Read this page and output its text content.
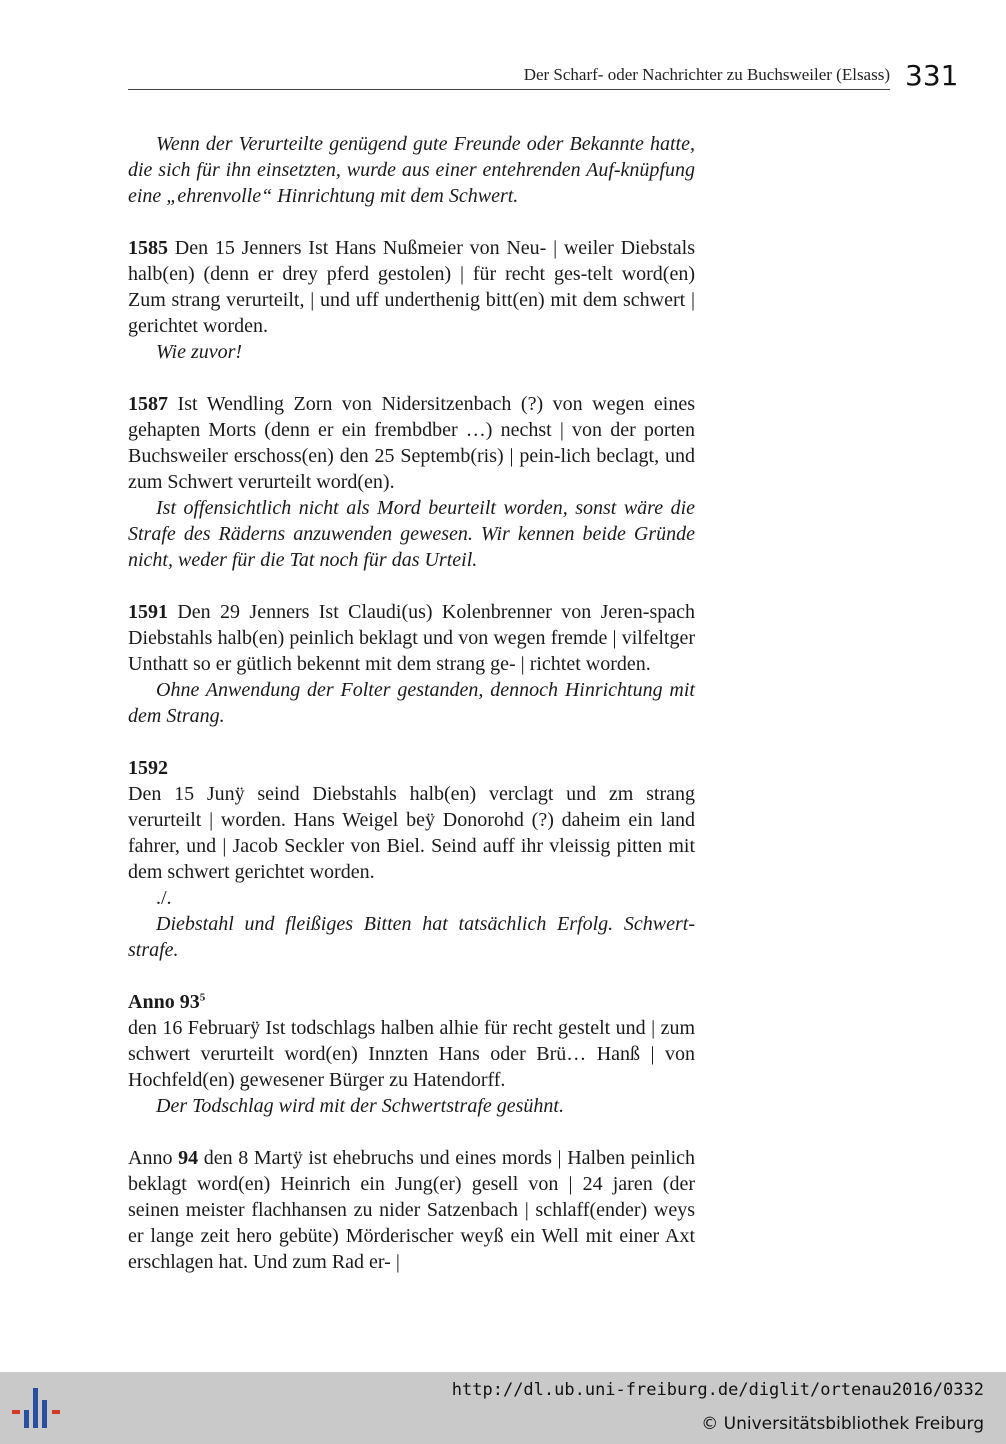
Der Scharf- oder Nachrichter zu Buchsweiler (Elsass) 331

Wenn der Verurteilte genügend gute Freunde oder Bekannte hatte, die sich für ihn einsetzten, wurde aus einer entehrenden Auf-knüpfung eine „ehrenvolle“ Hinrichtung mit dem Schwert.

1585 Den 15 Jenners Ist Hans Nußmeier von Neu- | weiler Diebstals halb(en) (denn er drey pferd gestolen) | für recht ges-telt word(en) Zum strang verurteilt, | und uff underthenig bitt(en) mit dem schwert | gerichtet worden.

Wie zuvor!

1587 Ist Wendling Zorn von Nidersitzenbach (?) von wegen eines gehapten Morts (denn er ein frembdber …) nechst | von der porten Buchsweiler erschoss(en) den 25 Septemb(ris) | pein-lich beclagt, und zum Schwert verurteilt word(en).

Ist offensichtlich nicht als Mord beurteilt worden, sonst wäre die Strafe des Räderns anzuwenden gewesen. Wir kennen beide Gründe nicht, weder für die Tat noch für das Urteil.

1591 Den 29 Jenners Ist Claudi(us) Kolenbrenner von Jeren-spach Diebstahls halb(en) peinlich beklagt und von wegen fremde | vilfeltger Unthatt so er gütlich bekennt mit dem strang ge- | richtet worden.

Ohne Anwendung der Folter gestanden, dennoch Hinrichtung mit dem Strang.

1592

Den 15 Junÿ seind Diebstahls halb(en) verclagt und zm strang verurteilt | worden. Hans Weigel beÿ Donorohd (?) daheim ein land fahrer, und | Jacob Seckler von Biel. Seind auff ihr vleissig pitten mit dem schwert gerichtet worden.

./.

Diebstahl und fleißiges Bitten hat tatsächlich Erfolg. Schwert-strafe.

Anno $93^5$

den 16 Februarÿ Ist todschlags halben alhie für recht gestelt und | zum schwert verurteilt word(en) Innzten Hans oder Brü… Hanß | von Hochfeld(en) gewesener Bürger zu Hatendorff.

Der Todschlag wird mit der Schwertstrafe gesühnt.

Anno 94 den 8 Martÿ ist ehebruchs und eines mords | Halben peinlich beklagt word(en) Heinrich ein Jung(er) gesell von | 24 jaren (der seinen meister flachhansen zu nider Satzenbach | schlaff(ender) weys er lange zeit hero gebüte) Mörderischer weyß ein Well mit einer Axt erschlagen hat. Und zum Rad er- |

http://dl.ub.uni-freiburg.de/diglit/ortenau2016/0332
© Universitätsbibliothek Freiburg
